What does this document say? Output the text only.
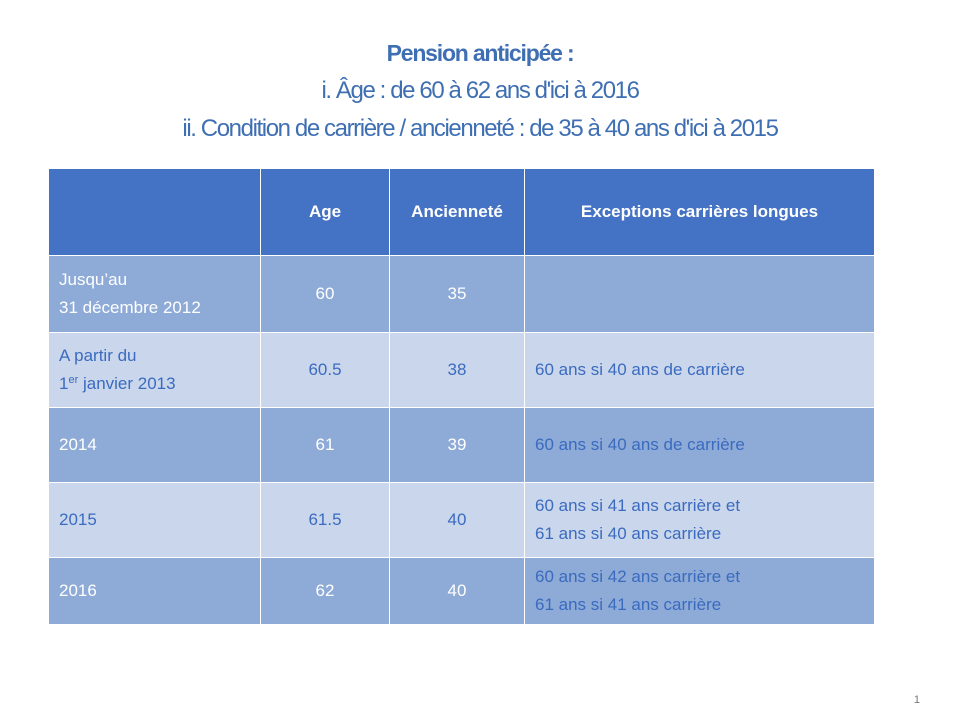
Pension anticipée :
i. Âge : de 60 à 62 ans d'ici à 2016
ii. Condition de carrière / ancienneté : de 35 à 40 ans d'ici à 2015
	Age	Ancienneté	Exceptions carrières longues

Jusqu’au
31 décembre 2012	60	35	

A partir du
1er janvier 2013	60.5	38	60 ans si 40 ans de carrière

2014	61	39	60 ans si 40 ans de carrière

2015	61.5	40	60 ans si 41 ans carrière et
61 ans si 40 ans carrière

2016	62	40	60 ans si 42 ans carrière et
61 ans si 41 ans carrière
1
